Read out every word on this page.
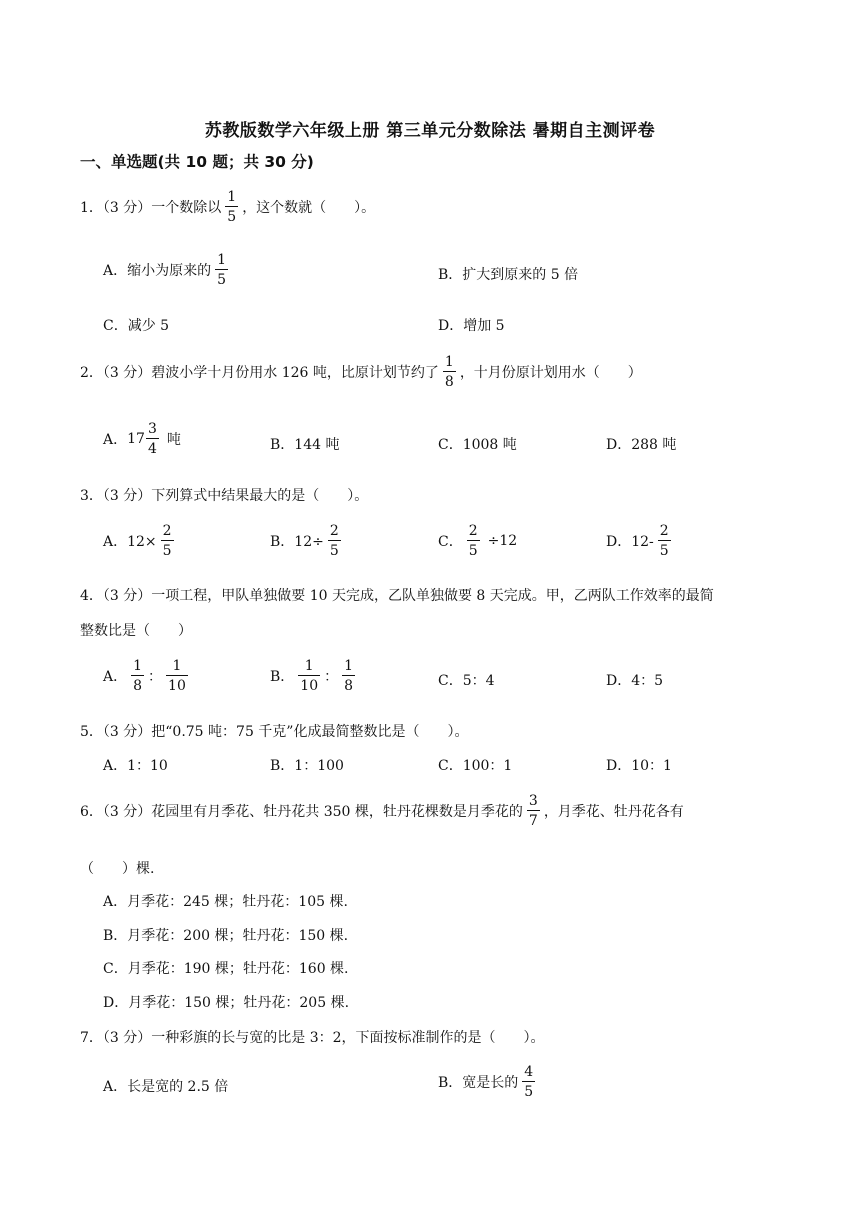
苏教版数学六年级上册 第三单元分数除法 暑期自主测评卷
一、单选题(共 10 题；共 30 分)
1．（3 分）一个数除以 $\frac{1}{5}$ ，这个数就（　　）。
A．缩小为原来的 $\frac{1}{5}$	B．扩大到原来的 5 倍
C．减少 5	D．增加 5
2．（3 分）碧波小学十月份用水 126 吨，比原计划节约了 $\frac{1}{8}$ ，十月份原计划用水（　　）
A． $17 \frac{3}{4}$ 吨	B．144 吨	C．1008 吨	D．288 吨
3．（3 分）下列算式中结果最大的是（　　）。
A．$12\times \frac{2}{5}$	B．$12\div \frac{2}{5}$	C． $\frac{2}{5} \div 12$	D．$12- \frac{2}{5}$
4．（3 分）一项工程，甲队单独做要 10 天完成，乙队单独做要 8 天完成。甲，乙两队工作效率的最简
整数比是（　　）
A． $\frac{1}{8}$ ： $\frac{1}{10}$	B． $\frac{1}{10}$ ： $\frac{1}{8}$	C．5：4	D．4：5
5．（3 分）把“0.75 吨：75 千克”化成最简整数比是（　　）。
A．1：10	B．1：100	C．100：1	D．10：1
6．（3 分）花园里有月季花、牡丹花共 350 棵，牡丹花棵数是月季花的 $\frac{3}{7}$ ，月季花、牡丹花各有
（　　）棵.
A．月季花：245 棵；牡丹花：105 棵.
B．月季花：200 棵；牡丹花：150 棵.
C．月季花：190 棵；牡丹花：160 棵.
D．月季花：150 棵；牡丹花：205 棵.
7．（3 分）一种彩旗的长与宽的比是 3：2，下面按标准制作的是（　　）。
A．长是宽的 2.5 倍	B．宽是长的 $\frac{4}{5}$
